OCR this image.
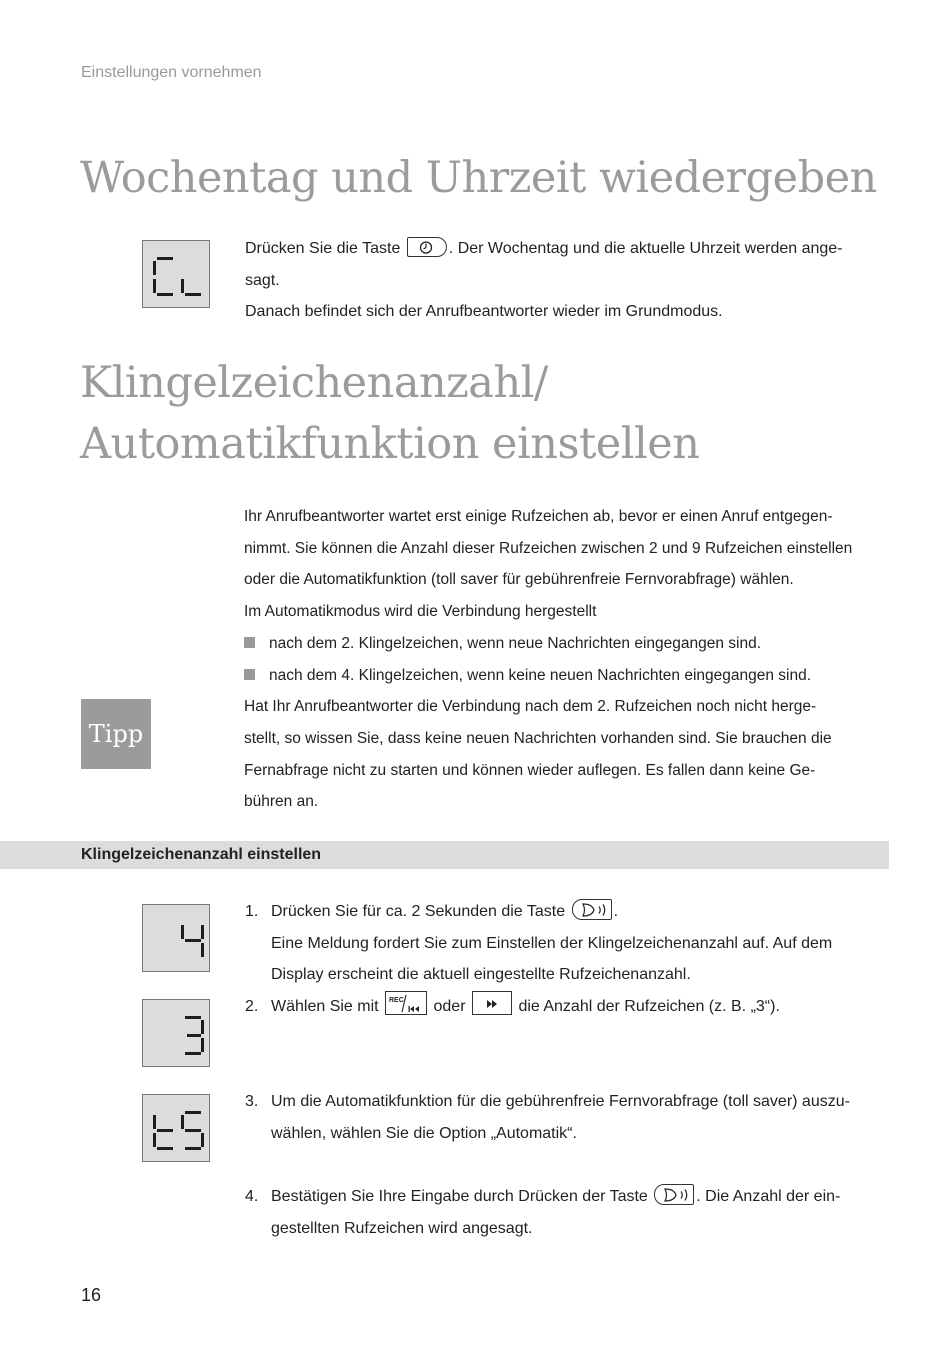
Einstellungen vornehmen
Wochentag und Uhrzeit wiedergeben
Drücken Sie die Taste	. Der Wochentag und die aktuelle Uhrzeit werden ange-
sagt.
Danach befindet sich der Anrufbeantworter wieder im Grundmodus.
Klingelzeichenanzahl/
Automatikfunktion einstellen
Ihr Anrufbeantworter wartet erst einige Rufzeichen ab, bevor er einen Anruf entgegen-
nimmt. Sie können die Anzahl dieser Rufzeichen zwischen 2 und 9 Rufzeichen einstellen
oder die Automatikfunktion (toll saver für gebührenfreie Fernvorabfrage) wählen.
Im Automatikmodus wird die Verbindung hergestellt
nach dem 2. Klingelzeichen, wenn neue Nachrichten eingegangen sind.
nach dem 4. Klingelzeichen, wenn keine neuen Nachrichten eingegangen sind.
Hat Ihr Anrufbeantworter die Verbindung nach dem 2. Rufzeichen noch nicht herge-
stellt, so wissen Sie, dass keine neuen Nachrichten vorhanden sind. Sie brauchen die
Fernabfrage nicht zu starten und können wieder auflegen. Es fallen dann keine Ge-
bühren an.
Tipp
Klingelzeichenanzahl einstellen
1. Drücken Sie für ca. 2 Sekunden die Taste	.
Eine Meldung fordert Sie zum Einstellen der Klingelzeichenanzahl auf. Auf dem
Display erscheint die aktuell eingestellte Rufzeichenanzahl.
2. Wählen Sie mit REC oder	die Anzahl der Rufzeichen (z. B. „3“).
3. Um die Automatikfunktion für die gebührenfreie Fernvorabfrage (toll saver) auszu-
wählen, wählen Sie die Option „Automatik“.
4. Bestätigen Sie Ihre Eingabe durch Drücken der Taste	. Die Anzahl der ein-
gestellten Rufzeichen wird angesagt.
16
